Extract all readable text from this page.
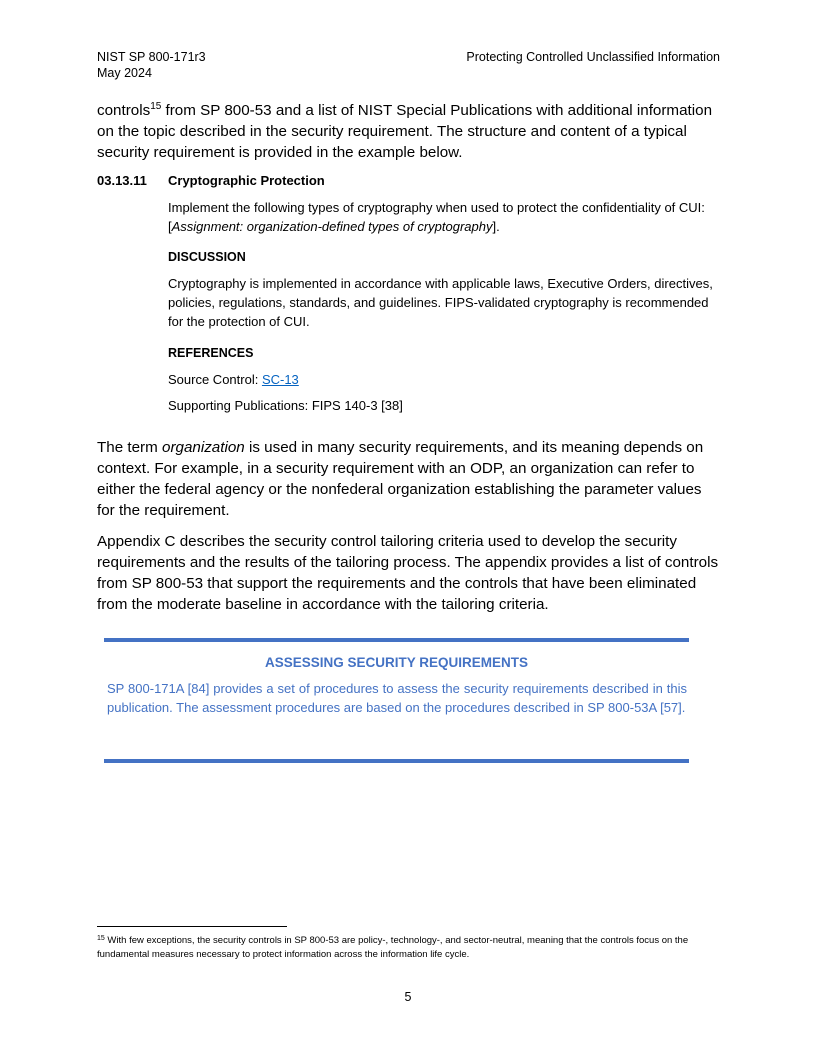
NIST SP 800-171r3
May 2024
Protecting Controlled Unclassified Information
controls$^{15}$ from SP 800-53 and a list of NIST Special Publications with additional information on the topic described in the security requirement. The structure and content of a typical security requirement is provided in the example below.
03.13.11 Cryptographic Protection
Implement the following types of cryptography when used to protect the confidentiality of CUI: [Assignment: organization-defined types of cryptography].
DISCUSSION
Cryptography is implemented in accordance with applicable laws, Executive Orders, directives, policies, regulations, standards, and guidelines. FIPS-validated cryptography is recommended for the protection of CUI.
REFERENCES
Source Control: SC-13
Supporting Publications: FIPS 140-3 [38]
The term organization is used in many security requirements, and its meaning depends on context. For example, in a security requirement with an ODP, an organization can refer to either the federal agency or the nonfederal organization establishing the parameter values for the requirement.
Appendix C describes the security control tailoring criteria used to develop the security requirements and the results of the tailoring process. The appendix provides a list of controls from SP 800-53 that support the requirements and the controls that have been eliminated from the moderate baseline in accordance with the tailoring criteria.
ASSESSING SECURITY REQUIREMENTS
SP 800-171A [84] provides a set of procedures to assess the security requirements described in this publication. The assessment procedures are based on the procedures described in SP 800-53A [57].
$^{15}$ With few exceptions, the security controls in SP 800-53 are policy-, technology-, and sector-neutral, meaning that the controls focus on the fundamental measures necessary to protect information across the information life cycle.
5
